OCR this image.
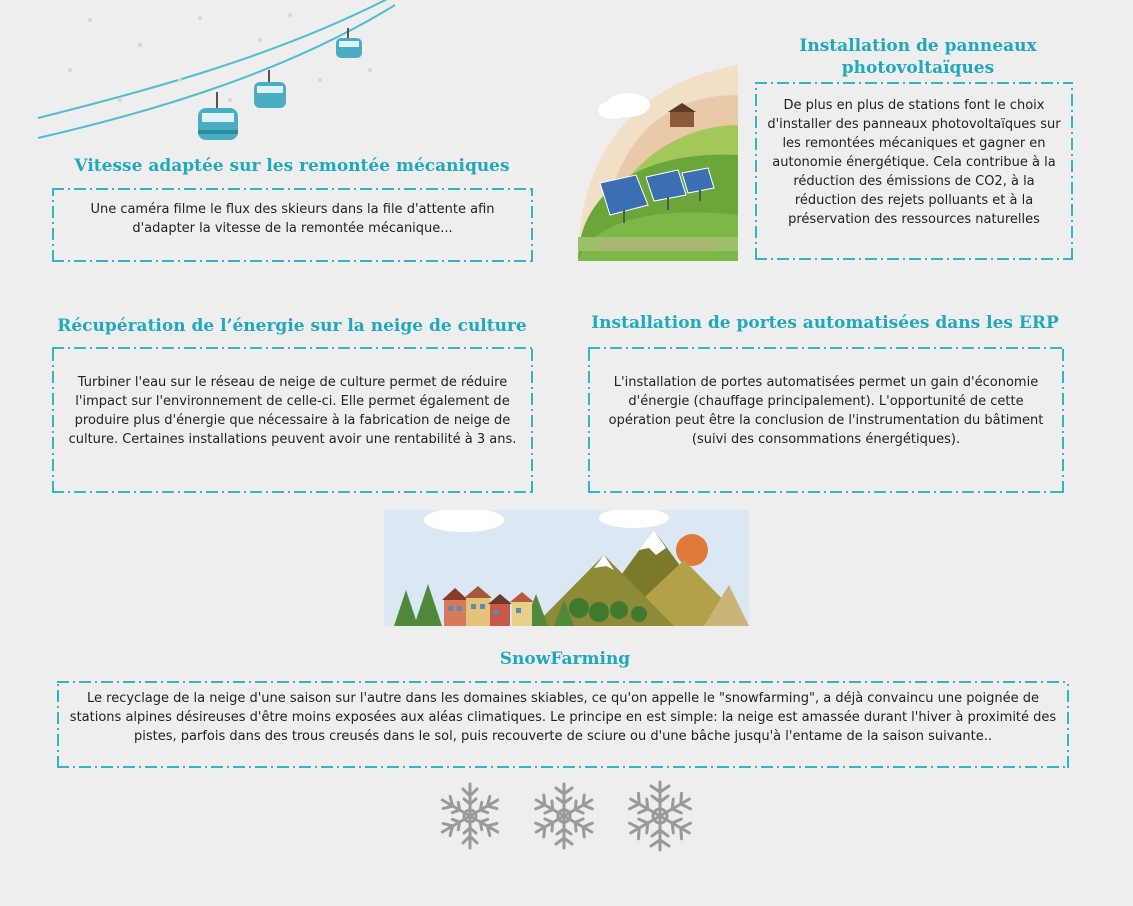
Vitesse adaptée sur les remontée mécaniques

Une caméra filme le flux des skieurs dans la file d'attente afin d'adapter la vitesse de la remontée mécanique...

Installation de panneaux photovoltaïques

De plus en plus de stations font le choix d'installer des panneaux photovoltaïques sur les remontées mécaniques et gagner en autonomie énergétique. Cela contribue à la réduction des émissions de CO2, à la réduction des rejets polluants et à la préservation des ressources naturelles

Récupération de l’énergie sur la neige de culture

Turbiner l'eau sur le réseau de neige de culture permet de réduire l'impact sur l'environnement de celle-ci. Elle permet également de produire plus d'énergie que nécessaire à la fabrication de neige de culture. Certaines installations peuvent avoir une rentabilité à 3 ans.

Installation de portes automatisées dans les ERP

L'installation de portes automatisées permet un gain d'économie d'énergie (chauffage principalement). L'opportunité de cette opération peut être la conclusion de l'instrumentation du bâtiment (suivi des consommations énergétiques).

SnowFarming

Le recyclage de la neige d'une saison sur l'autre dans les domaines skiables, ce qu'on appelle le "snowfarming", a déjà convaincu une poignée de stations alpines désireuses d'être moins exposées aux aléas climatiques. Le principe en est simple: la neige est amassée durant l'hiver à proximité des pistes, parfois dans des trous creusés dans le sol, puis recouverte de sciure ou d'une bâche jusqu'à l'entame de la saison suivante..
